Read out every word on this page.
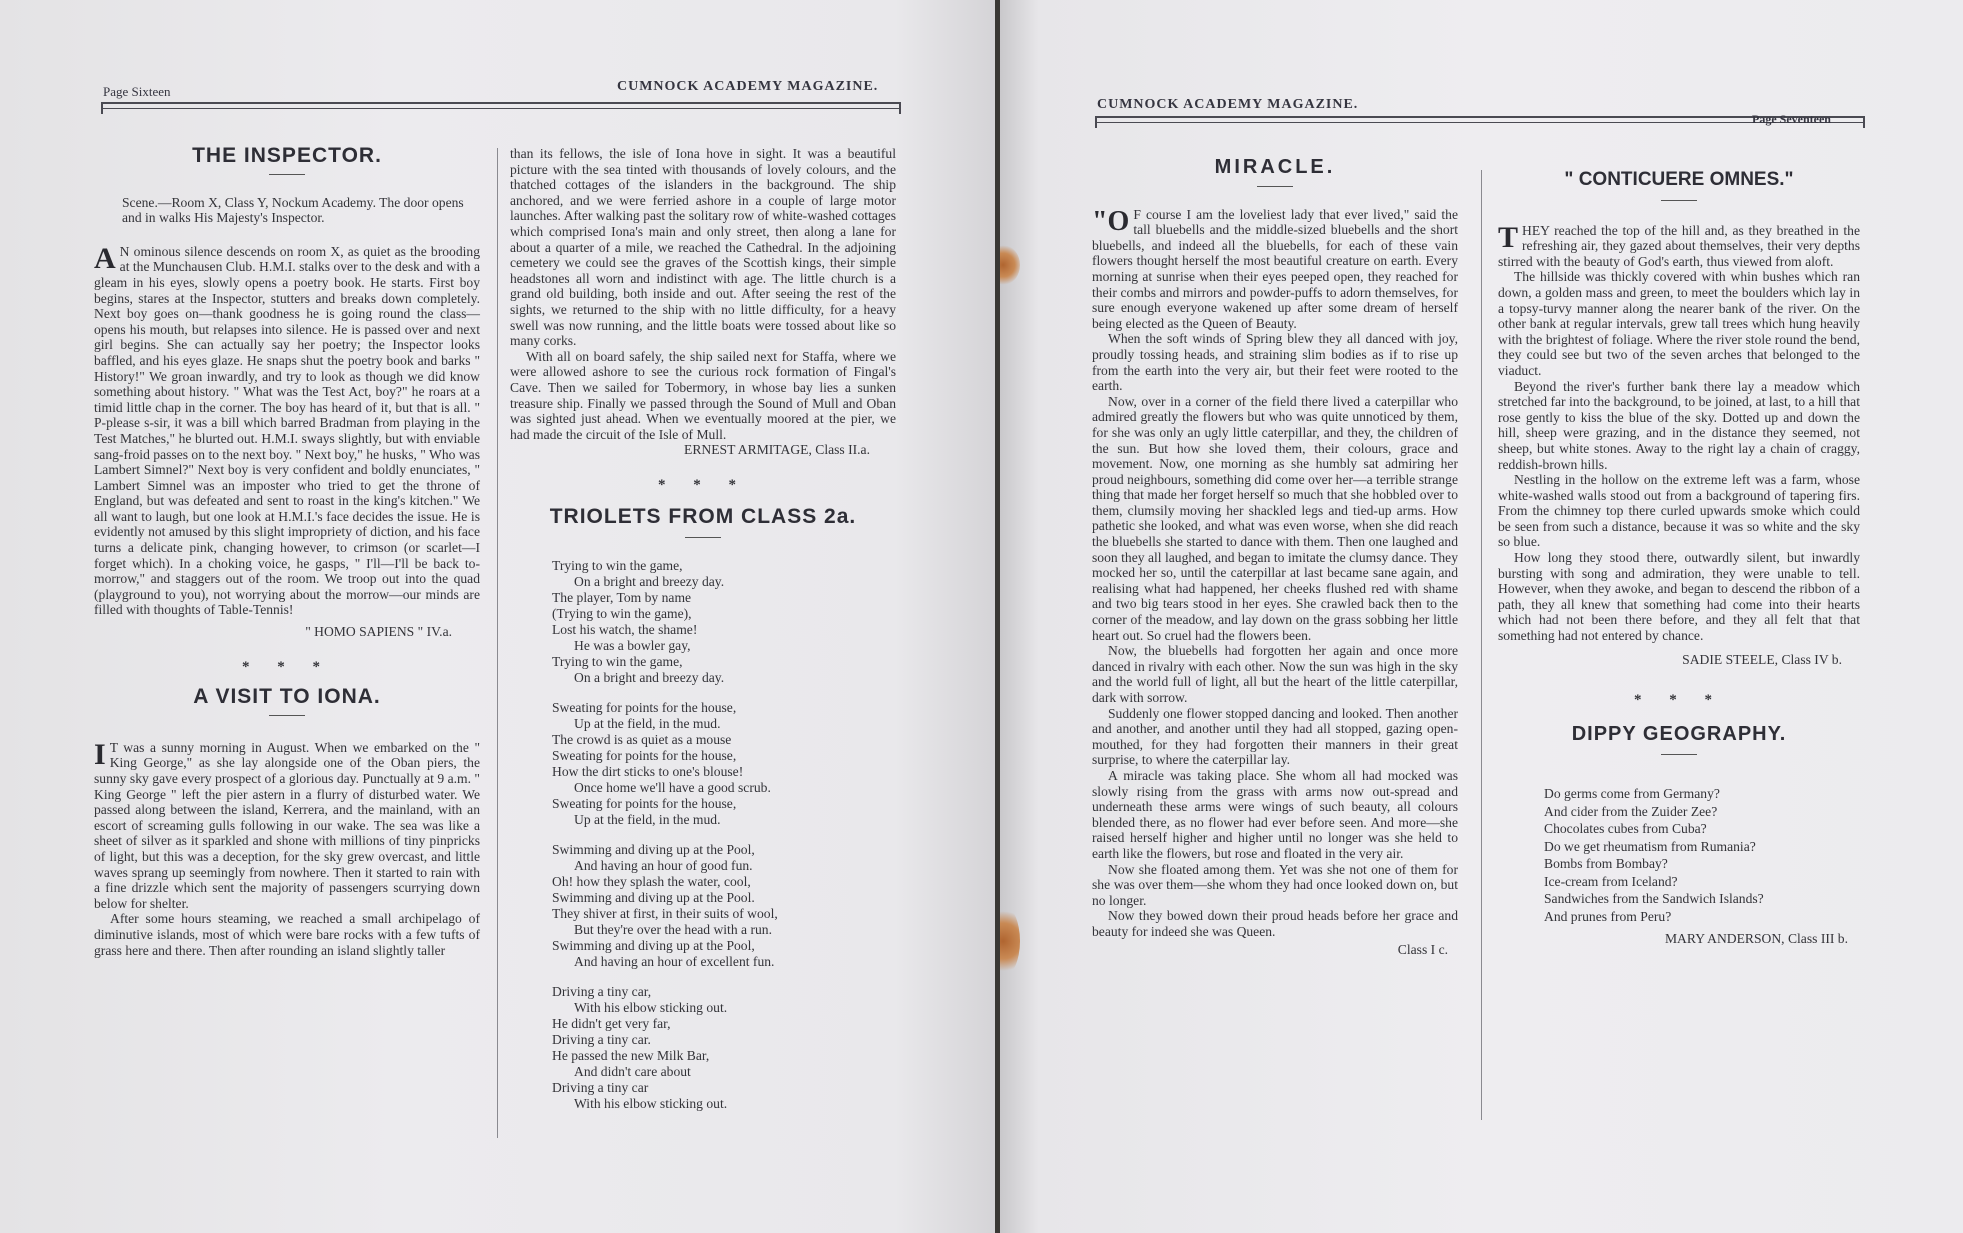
Page Sixteen	CUMNOCK ACADEMY MAGAZINE.
THE INSPECTOR.

Scene.—Room X, Class Y, Nockum Academy. The door opens and in walks His Majesty's Inspector.

A N ominous silence descends on room X, as quiet as the brooding at the Munchausen Club. H.M.I. stalks over to the desk and with a gleam in his eyes, slowly opens a poetry book. He starts. First boy begins, stares at the Inspector, stutters and breaks down completely. Next boy goes on—thank goodness he is going round the class—opens his mouth, but relapses into silence. He is passed over and next girl begins. She can actually say her poetry; the Inspector looks baffled, and his eyes glaze. He snaps shut the poetry book and barks " History!" We groan inwardly, and try to look as though we did know something about history. " What was the Test Act, boy?" he roars at a timid little chap in the corner. The boy has heard of it, but that is all. " P-please s-sir, it was a bill which barred Bradman from playing in the Test Matches," he blurted out. H.M.I. sways slightly, but with enviable sang-froid passes on to the next boy. " Next boy," he husks, " Who was Lambert Simnel?" Next boy is very confident and boldly enunciates, " Lambert Simnel was an imposter who tried to get the throne of England, but was defeated and sent to roast in the king's kitchen." We all want to laugh, but one look at H.M.I.'s face decides the issue. He is evidently not amused by this slight impropriety of diction, and his face turns a delicate pink, changing however, to crimson (or scarlet—I forget which). In a choking voice, he gasps, " I'll—I'll be back to-morrow," and staggers out of the room. We troop out into the quad (playground to you), not worrying about the morrow—our minds are filled with thoughts of Table-Tennis!

" HOMO SAPIENS " IV.a.

* * *
A VISIT TO IONA.

I T was a sunny morning in August. When we embarked on the " King George," as she lay alongside one of the Oban piers, the sunny sky gave every prospect of a glorious day. Punctually at 9 a.m. " King George " left the pier astern in a flurry of disturbed water. We passed along between the island, Kerrera, and the mainland, with an escort of screaming gulls following in our wake. The sea was like a sheet of silver as it sparkled and shone with millions of tiny pinpricks of light, but this was a deception, for the sky grew overcast, and little waves sprang up seemingly from nowhere. Then it started to rain with a fine drizzle which sent the majority of passengers scurrying down below for shelter.

After some hours steaming, we reached a small archipelago of diminutive islands, most of which were bare rocks with a few tufts of grass here and there. Then after rounding an island slightly taller

than its fellows, the isle of Iona hove in sight. It was a beautiful picture with the sea tinted with thousands of lovely colours, and the thatched cottages of the islanders in the background. The ship anchored, and we were ferried ashore in a couple of large motor launches. After walking past the solitary row of white-washed cottages which comprised Iona's main and only street, then along a lane for about a quarter of a mile, we reached the Cathedral. In the adjoining cemetery we could see the graves of the Scottish kings, their simple headstones all worn and indistinct with age. The little church is a grand old building, both inside and out. After seeing the rest of the sights, we returned to the ship with no little difficulty, for a heavy swell was now running, and the little boats were tossed about like so many corks.

With all on board safely, the ship sailed next for Staffa, where we were allowed ashore to see the curious rock formation of Fingal's Cave. Then we sailed for Tobermory, in whose bay lies a sunken treasure ship. Finally we passed through the Sound of Mull and Oban was sighted just ahead. When we eventually moored at the pier, we had made the circuit of the Isle of Mull.

ERNEST ARMITAGE, Class II.a.

* * *
TRIOLETS FROM CLASS 2a.
Trying to win the game,
On a bright and breezy day.
The player, Tom by name
(Trying to win the game),
Lost his watch, the shame!
He was a bowler gay,
Trying to win the game,
On a bright and breezy day.
Sweating for points for the house,
Up at the field, in the mud.
The crowd is as quiet as a mouse
Sweating for points for the house,
How the dirt sticks to one's blouse!
Once home we'll have a good scrub.
Sweating for points for the house,
Up at the field, in the mud.
Swimming and diving up at the Pool,
And having an hour of good fun.
Oh! how they splash the water, cool,
Swimming and diving up at the Pool.
They shiver at first, in their suits of wool,
But they're over the head with a run.
Swimming and diving up at the Pool,
And having an hour of excellent fun.
Driving a tiny car,
With his elbow sticking out.
He didn't get very far,
Driving a tiny car.
He passed the new Milk Bar,
And didn't care about
Driving a tiny car
With his elbow sticking out.
CUMNOCK ACADEMY MAGAZINE.
Page Seventeen
MIRACLE.

"O F course I am the loveliest lady that ever lived," said the tall bluebells and the middle-sized bluebells and the short bluebells, and indeed all the bluebells, for each of these vain flowers thought herself the most beautiful creature on earth. Every morning at sunrise when their eyes peeped open, they reached for their combs and mirrors and powder-puffs to adorn themselves, for sure enough everyone wakened up after some dream of herself being elected as the Queen of Beauty.

When the soft winds of Spring blew they all danced with joy, proudly tossing heads, and straining slim bodies as if to rise up from the earth into the very air, but their feet were rooted to the earth.

Now, over in a corner of the field there lived a caterpillar who admired greatly the flowers but who was quite unnoticed by them, for she was only an ugly little caterpillar, and they, the children of the sun. But how she loved them, their colours, grace and movement. Now, one morning as she humbly sat admiring her proud neighbours, something did come over her—a terrible strange thing that made her forget herself so much that she hobbled over to them, clumsily moving her shackled legs and tied-up arms. How pathetic she looked, and what was even worse, when she did reach the bluebells she started to dance with them. Then one laughed and soon they all laughed, and began to imitate the clumsy dance. They mocked her so, until the caterpillar at last became sane again, and realising what had happened, her cheeks flushed red with shame and two big tears stood in her eyes. She crawled back then to the corner of the meadow, and lay down on the grass sobbing her little heart out. So cruel had the flowers been.

Now, the bluebells had forgotten her again and once more danced in rivalry with each other. Now the sun was high in the sky and the world full of light, all but the heart of the little caterpillar, dark with sorrow.

Suddenly one flower stopped dancing and looked. Then another and another, and another until they had all stopped, gazing open-mouthed, for they had forgotten their manners in their great surprise, to where the caterpillar lay.

A miracle was taking place. She whom all had mocked was slowly rising from the grass with arms now out-spread and underneath these arms were wings of such beauty, all colours blended there, as no flower had ever before seen. And more—she raised herself higher and higher until no longer was she held to earth like the flowers, but rose and floated in the very air.

Now she floated among them. Yet was she not one of them for she was over them—she whom they had once looked down on, but no longer.

Now they bowed down their proud heads before her grace and beauty for indeed she was Queen.

Class I c.

" CONTICUERE OMNES."

THEY reached the top of the hill and, as they breathed in the refreshing air, they gazed about themselves, their very depths stirred with the beauty of God's earth, thus viewed from aloft.

The hillside was thickly covered with whin bushes which ran down, a golden mass and green, to meet the boulders which lay in a topsy-turvy manner along the nearer bank of the river. On the other bank at regular intervals, grew tall trees which hung heavily with the brightest of foliage. Where the river stole round the bend, they could see but two of the seven arches that belonged to the viaduct.

Beyond the river's further bank there lay a meadow which stretched far into the background, to be joined, at last, to a hill that rose gently to kiss the blue of the sky. Dotted up and down the hill, sheep were grazing, and in the distance they seemed, not sheep, but white stones. Away to the right lay a chain of craggy, reddish-brown hills.

Nestling in the hollow on the extreme left was a farm, whose white-washed walls stood out from a background of tapering firs. From the chimney top there curled upwards smoke which could be seen from such a distance, because it was so white and the sky so blue.

How long they stood there, outwardly silent, but inwardly bursting with song and admiration, they were unable to tell. However, when they awoke, and began to descend the ribbon of a path, they all knew that something had come into their hearts which had not been there before, and they all felt that that something had not entered by chance.

SADIE STEELE, Class IV b.

* * *
DIPPY GEOGRAPHY.
Do germs come from Germany?
And cider from the Zuider Zee?
Chocolates cubes from Cuba?
Do we get rheumatism from Rumania?
Bombs from Bombay?
Ice-cream from Iceland?
Sandwiches from the Sandwich Islands?
And prunes from Peru?

MARY ANDERSON, Class III b.
